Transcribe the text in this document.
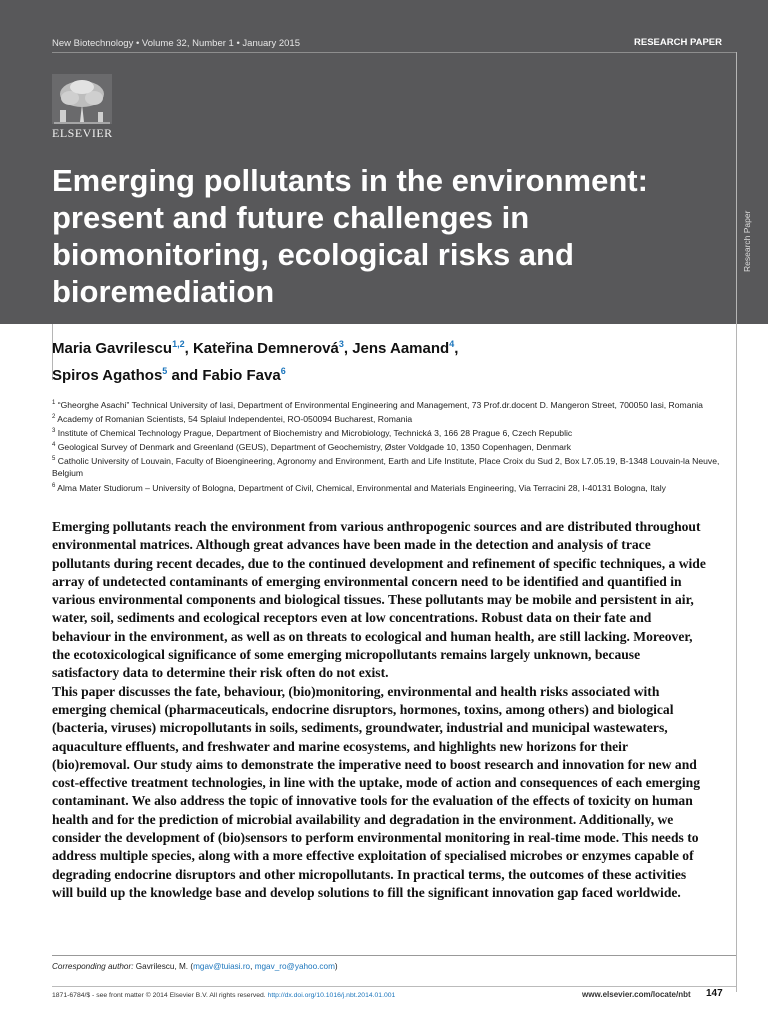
New Biotechnology • Volume 32, Number 1 • January 2015	RESEARCH PAPER
ELSEVIER
Emerging pollutants in the environment: present and future challenges in biomonitoring, ecological risks and bioremediation
Research Paper
Maria Gavrilescu$^{1,2}$, Kateřina Demnerová$^3$, Jens Aamand$^4$,
Spiros Agathos$^5$ and Fabio Fava$^6$
$^1$ “Gheorghe Asachi” Technical University of Iasi, Department of Environmental Engineering and Management, 73 Prof.dr.docent D. Mangeron Street, 700050 Iasi, Romania
$^2$ Academy of Romanian Scientists, 54 Splaiul Independentei, RO-050094 Bucharest, Romania
$^3$ Institute of Chemical Technology Prague, Department of Biochemistry and Microbiology, Technická 3, 166 28 Prague 6, Czech Republic
$^4$ Geological Survey of Denmark and Greenland (GEUS), Department of Geochemistry, Øster Voldgade 10, 1350 Copenhagen, Denmark
$^5$ Catholic University of Louvain, Faculty of Bioengineering, Agronomy and Environment, Earth and Life Institute, Place Croix du Sud 2, Box L7.05.19, B-1348 Louvain-la Neuve, Belgium
$^6$ Alma Mater Studiorum – University of Bologna, Department of Civil, Chemical, Environmental and Materials Engineering, Via Terracini 28, I-40131 Bologna, Italy

Emerging pollutants reach the environment from various anthropogenic sources and are distributed throughout environmental matrices. Although great advances have been made in the detection and analysis of trace pollutants during recent decades, due to the continued development and refinement of specific techniques, a wide array of undetected contaminants of emerging environmental concern need to be identified and quantified in various environmental components and biological tissues. These pollutants may be mobile and persistent in air, water, soil, sediments and ecological receptors even at low concentrations. Robust data on their fate and behaviour in the environment, as well as on threats to ecological and human health, are still lacking. Moreover, the ecotoxicological significance of some emerging micropollutants remains largely unknown, because satisfactory data to determine their risk often do not exist.

This paper discusses the fate, behaviour, (bio)monitoring, environmental and health risks associated with emerging chemical (pharmaceuticals, endocrine disruptors, hormones, toxins, among others) and biological (bacteria, viruses) micropollutants in soils, sediments, groundwater, industrial and municipal wastewaters, aquaculture effluents, and freshwater and marine ecosystems, and highlights new horizons for their (bio)removal. Our study aims to demonstrate the imperative need to boost research and innovation for new and cost-effective treatment technologies, in line with the uptake, mode of action and consequences of each emerging contaminant. We also address the topic of innovative tools for the evaluation of the effects of toxicity on human health and for the prediction of microbial availability and degradation in the environment. Additionally, we consider the development of (bio)sensors to perform environmental monitoring in real-time mode. This needs to address multiple species, along with a more effective exploitation of specialised microbes or enzymes capable of degrading endocrine disruptors and other micropollutants. In practical terms, the outcomes of these activities will build up the knowledge base and develop solutions to fill the significant innovation gap faced worldwide.

Corresponding author: Gavrilescu, M. (mgav@tuiasi.ro, mgav_ro@yahoo.com)
1871-6784/$ - see front matter © 2014 Elsevier B.V. All rights reserved. http://dx.doi.org/10.1016/j.nbt.2014.01.001	www.elsevier.com/locate/nbt 147
